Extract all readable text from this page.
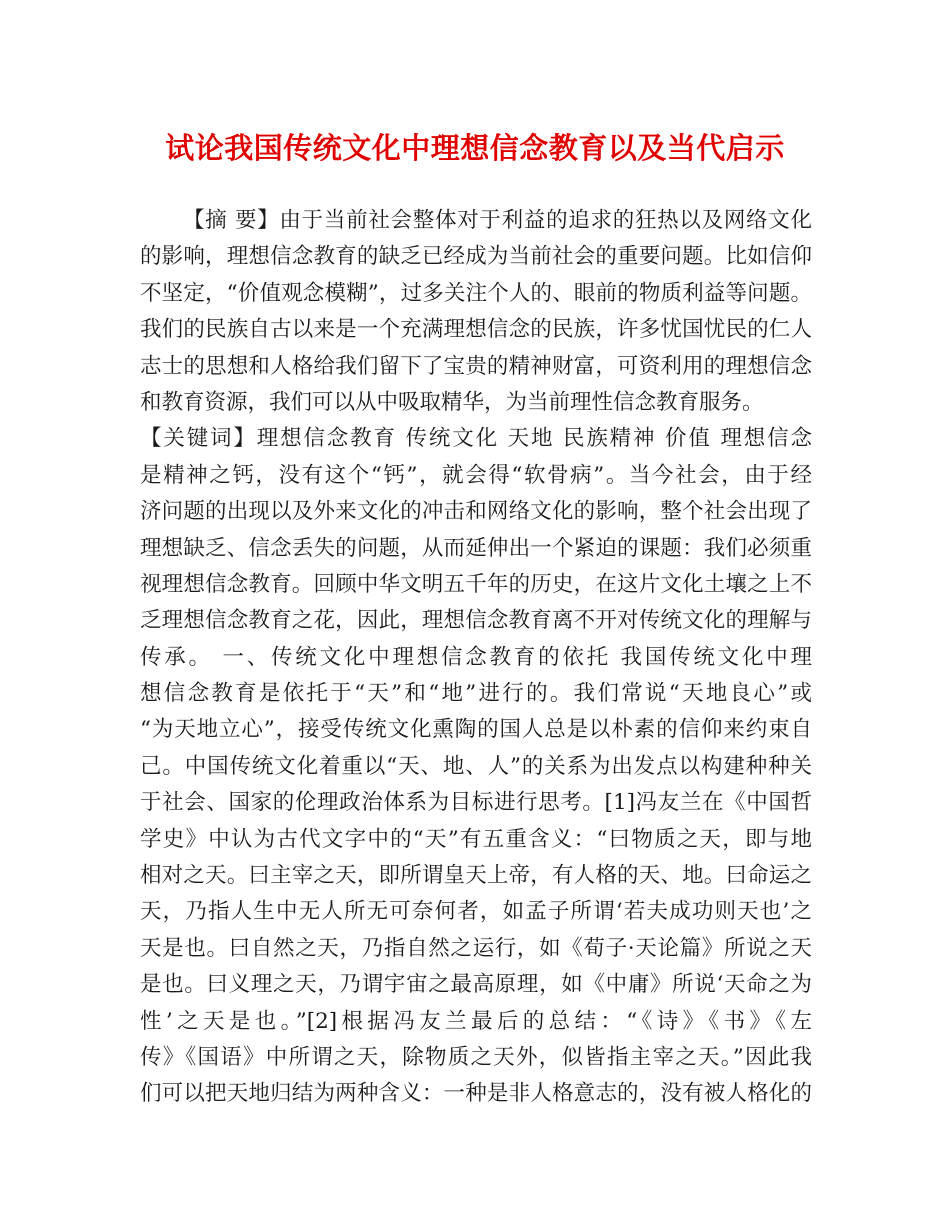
试论我国传统文化中理想信念教育以及当代启示
【摘 要】由于当前社会整体对于利益的追求的狂热以及网络文化
的影响，理想信念教育的缺乏已经成为当前社会的重要问题。比如信仰
不坚定，“价值观念模糊”，过多关注个人的、眼前的物质利益等问题。
我们的民族自古以来是一个充满理想信念的民族，许多忧国忧民的仁人
志士的思想和人格给我们留下了宝贵的精神财富，可资利用的理想信念
和教育资源，我们可以从中吸取精华，为当前理性信念教育服务。
【关键词】理想信念教育 传统文化 天地 民族精神 价值 理想信念
是精神之钙，没有这个“钙”，就会得“软骨病”。当今社会，由于经
济问题的出现以及外来文化的冲击和网络文化的影响，整个社会出现了
理想缺乏、信念丢失的问题，从而延伸出一个紧迫的课题：我们必须重
视理想信念教育。回顾中华文明五千年的历史，在这片文化土壤之上不
乏理想信念教育之花，因此，理想信念教育离不开对传统文化的理解与
传承。 一、传统文化中理想信念教育的依托 我国传统文化中理
想信念教育是依托于“天”和“地”进行的。我们常说“天地良心”或
“为天地立心”，接受传统文化熏陶的国人总是以朴素的信仰来约束自
己。中国传统文化着重以“天、地、人”的关系为出发点以构建种种关
于社会、国家的伦理政治体系为目标进行思考。[1]冯友兰在《中国哲
学史》中认为古代文字中的“天”有五重含义：“曰物质之天，即与地
相对之天。曰主宰之天，即所谓皇天上帝，有人格的天、地。曰命运之
天，乃指人生中无人所无可奈何者，如孟子所谓‘若夫成功则天也’之
天是也。曰自然之天，乃指自然之运行，如《荀子·天论篇》所说之天
是也。曰义理之天，乃谓宇宙之最高原理，如《中庸》所说‘天命之为
性’之天是也。”[2]根据冯友兰最后的总结：“《诗》《书》《左
传》《国语》中所谓之天，除物质之天外，似皆指主宰之天。”因此我
们可以把天地归结为两种含义：一种是非人格意志的，没有被人格化的
